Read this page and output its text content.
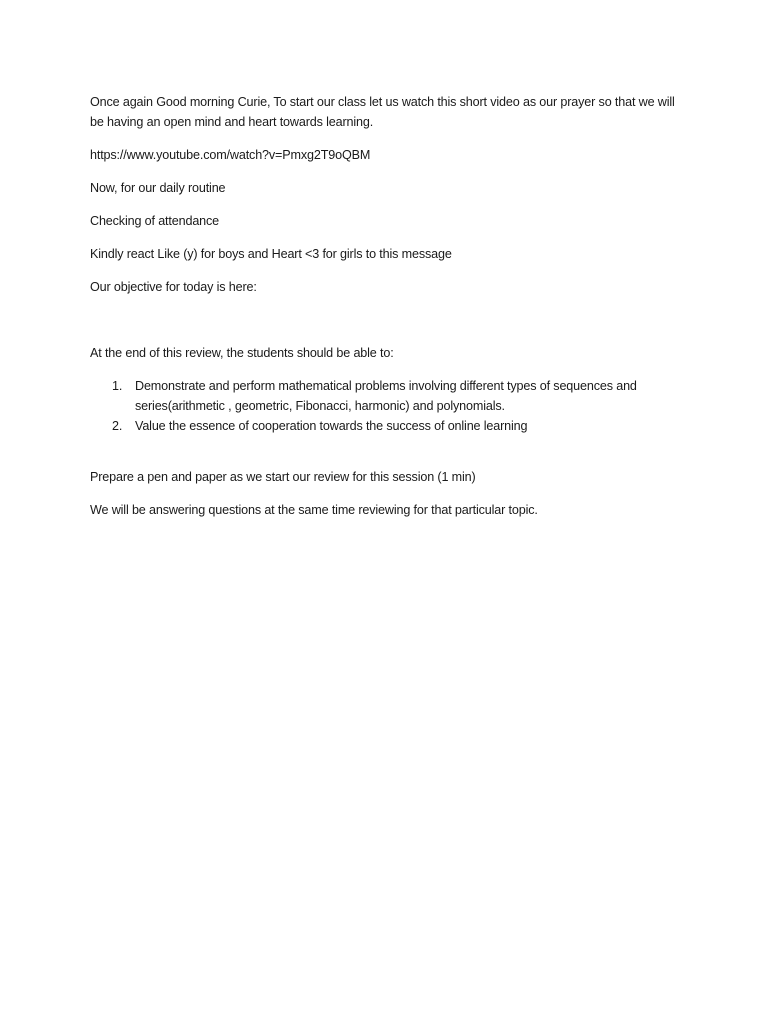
Once again Good morning Curie, To start our class let us watch this short video as our prayer so that we will be having an open mind and heart towards learning.

https://www.youtube.com/watch?v=Pmxg2T9oQBM

Now, for our daily routine

Checking of attendance

Kindly react Like (y) for boys and Heart <3 for girls to this message

Our objective for today is here:

At the end of this review, the students should be able to:

1. Demonstrate and perform mathematical problems involving different types of sequences and series(arithmetic , geometric, Fibonacci, harmonic) and polynomials.
2. Value the essence of cooperation towards the success of online learning

Prepare a pen and paper as we start our review for this session (1 min)

We will be answering questions at the same time reviewing for that particular topic.
